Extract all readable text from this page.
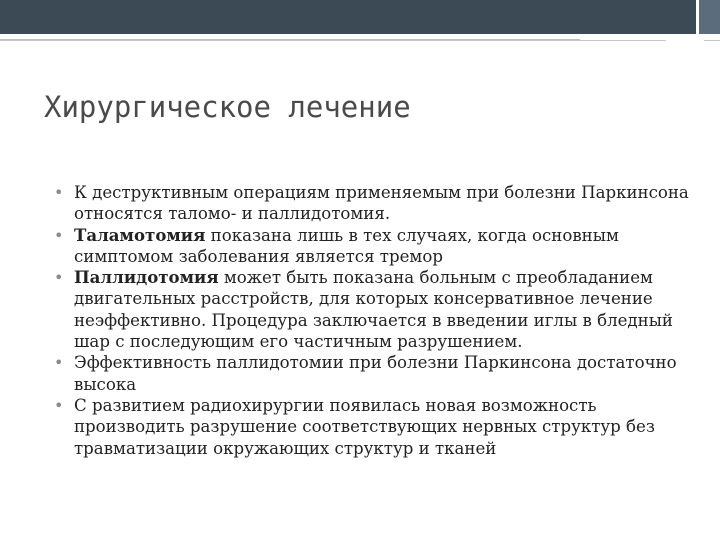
Хирургическое лечение
• К деструктивным операциям применяемым при болезни Паркинсона относятся таломо- и паллидотомия.
• Таламотомия показана лишь в тех случаях, когда основным симптомом заболевания является тремор
• Паллидотомия может быть показана больным с преобладанием двигательных расстройств, для которых консервативное лечение неэффективно. Процедура заключается в введении иглы в бледный шар с последующим его частичным разрушением.
• Эффективность паллидотомии при болезни Паркинсона достаточно высока
• С развитием радиохирургии появилась новая возможность производить разрушение соответствующих нервных структур без травматизации окружающих структур и тканей
